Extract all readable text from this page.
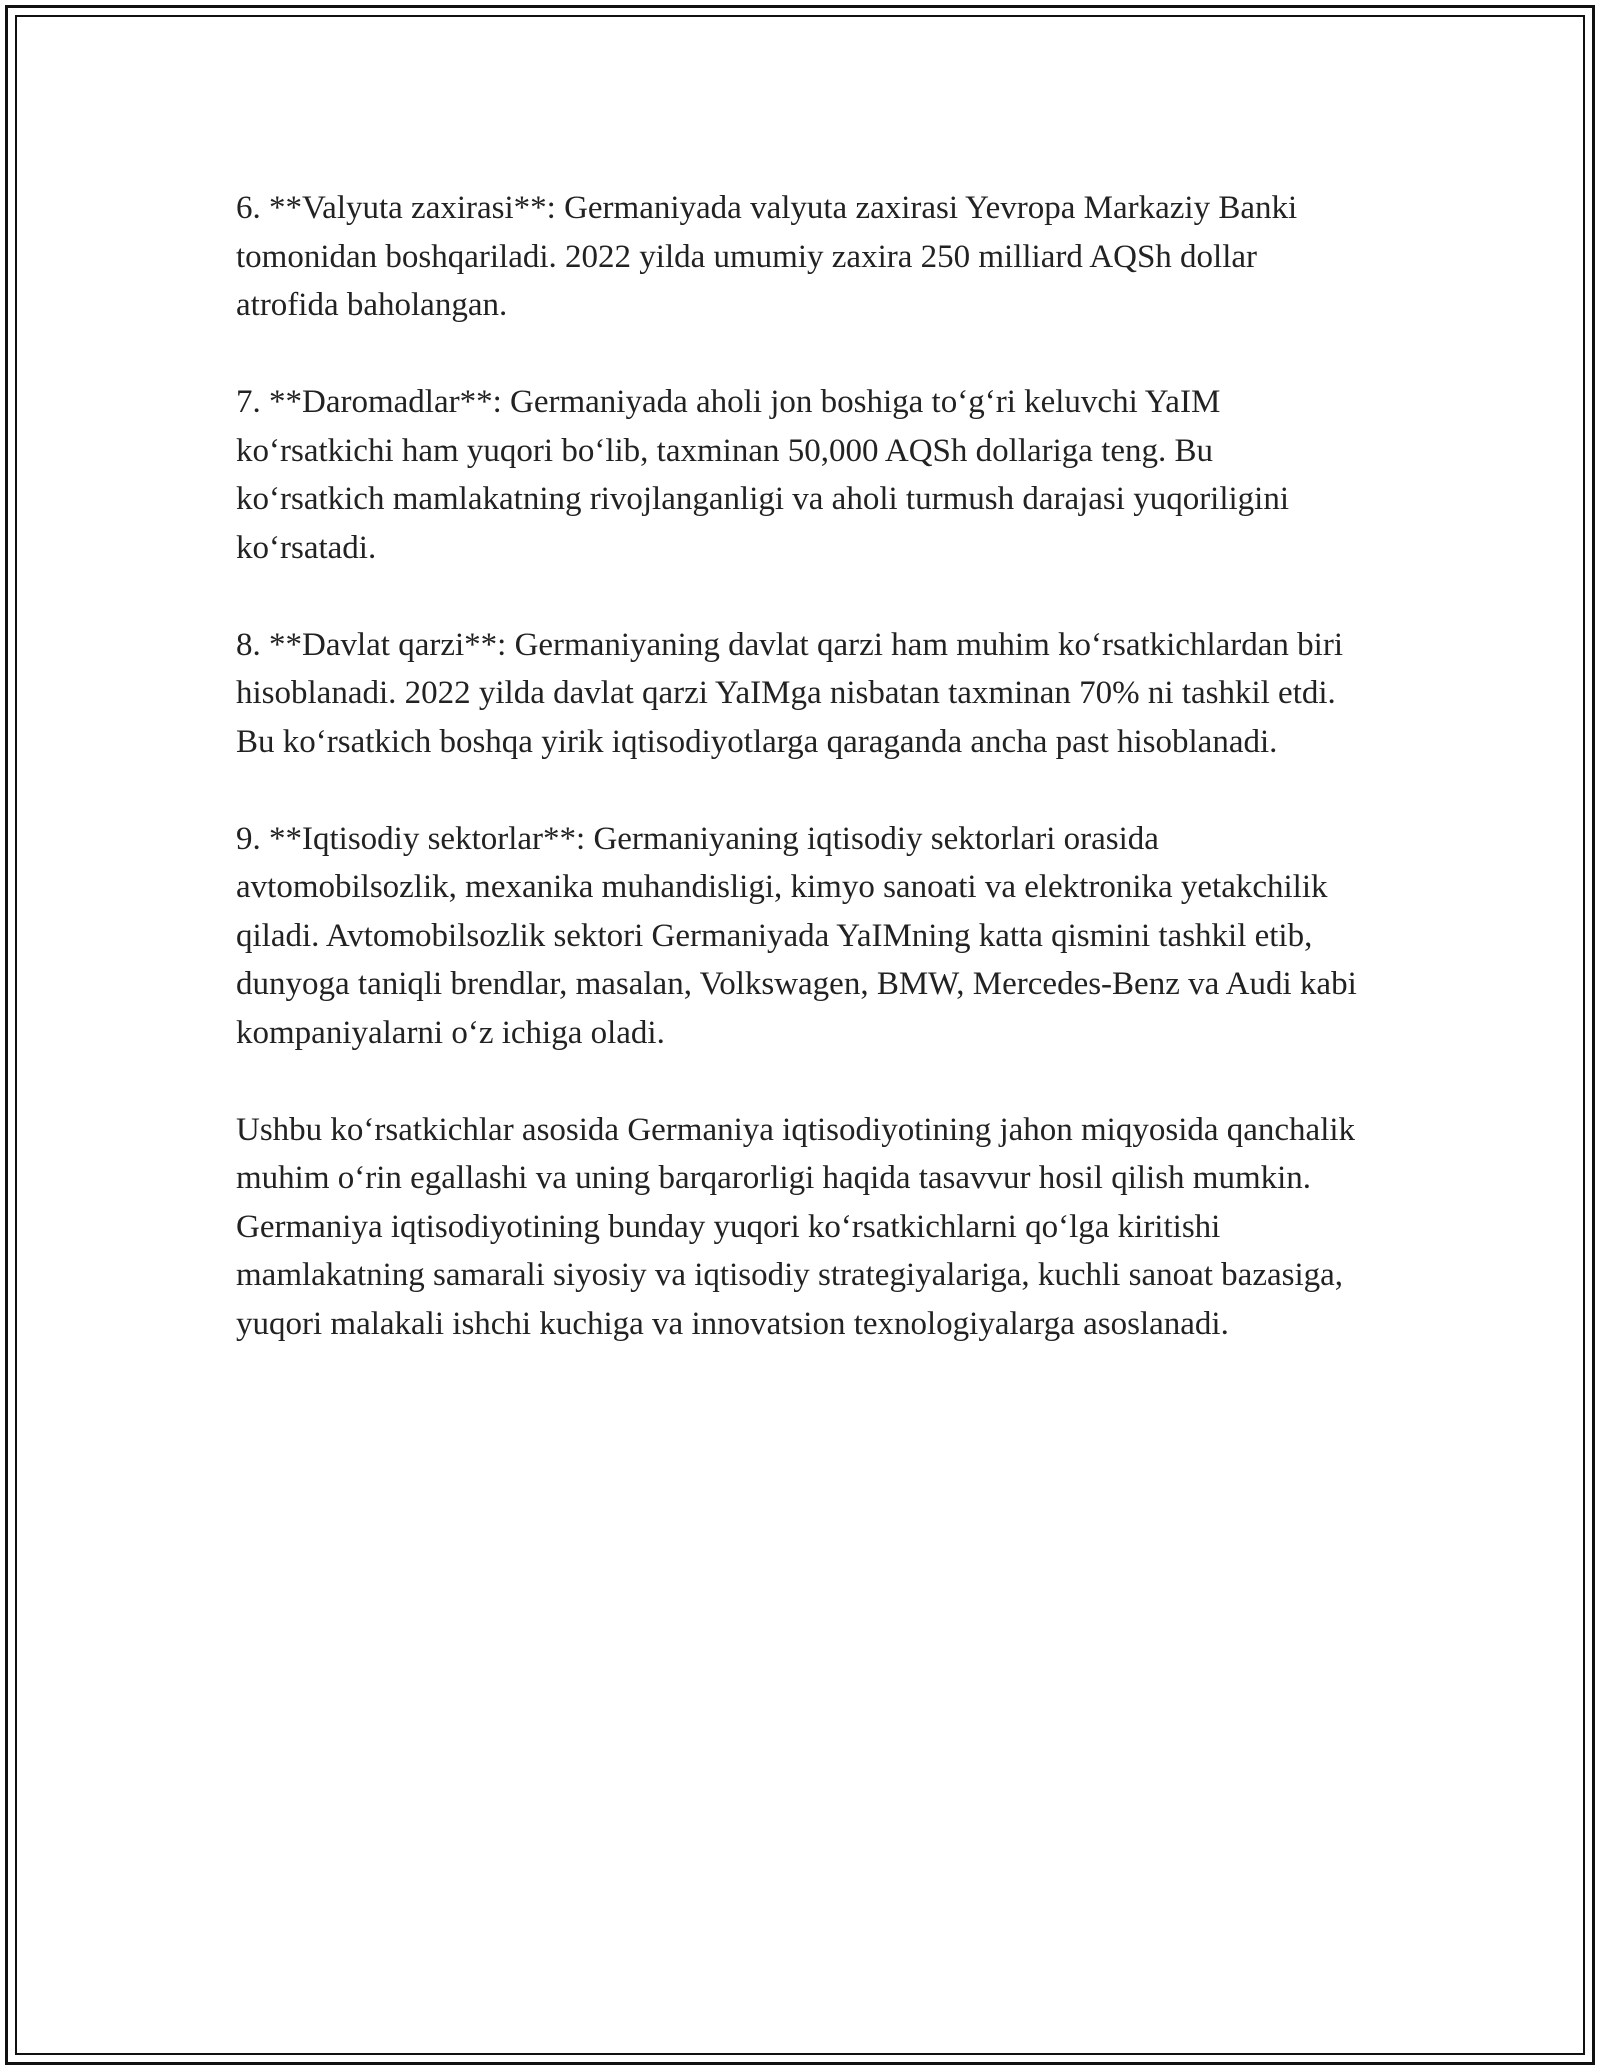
6. **Valyuta zaxirasi**: Germaniyada valyuta zaxirasi Yevropa Markaziy Banki tomonidan boshqariladi. 2022 yilda umumiy zaxira 250 milliard AQSh dollar atrofida baholangan.

7. **Daromadlar**: Germaniyada aholi jon boshiga to‘g‘ri keluvchi YaIM ko‘rsatkichi ham yuqori bo‘lib, taxminan 50,000 AQSh dollariga teng. Bu ko‘rsatkich mamlakatning rivojlanganligi va aholi turmush darajasi yuqoriligini ko‘rsatadi.

8. **Davlat qarzi**: Germaniyaning davlat qarzi ham muhim ko‘rsatkichlardan biri hisoblanadi. 2022 yilda davlat qarzi YaIMga nisbatan taxminan 70% ni tashkil etdi. Bu ko‘rsatkich boshqa yirik iqtisodiyotlarga qaraganda ancha past hisoblanadi.

9. **Iqtisodiy sektorlar**: Germaniyaning iqtisodiy sektorlari orasida avtomobilsozlik, mexanika muhandisligi, kimyo sanoati va elektronika yetakchilik qiladi. Avtomobilsozlik sektori Germaniyada YaIMning katta qismini tashkil etib, dunyoga taniqli brendlar, masalan, Volkswagen, BMW, Mercedes-Benz va Audi kabi kompaniyalarni o‘z ichiga oladi.

Ushbu ko‘rsatkichlar asosida Germaniya iqtisodiyotining jahon miqyosida qanchalik muhim o‘rin egallashi va uning barqarorligi haqida tasavvur hosil qilish mumkin. Germaniya iqtisodiyotining bunday yuqori ko‘rsatkichlarni qo‘lga kiritishi mamlakatning samarali siyosiy va iqtisodiy strategiyalariga, kuchli sanoat bazasiga, yuqori malakali ishchi kuchiga va innovatsion texnologiyalarga asoslanadi.
